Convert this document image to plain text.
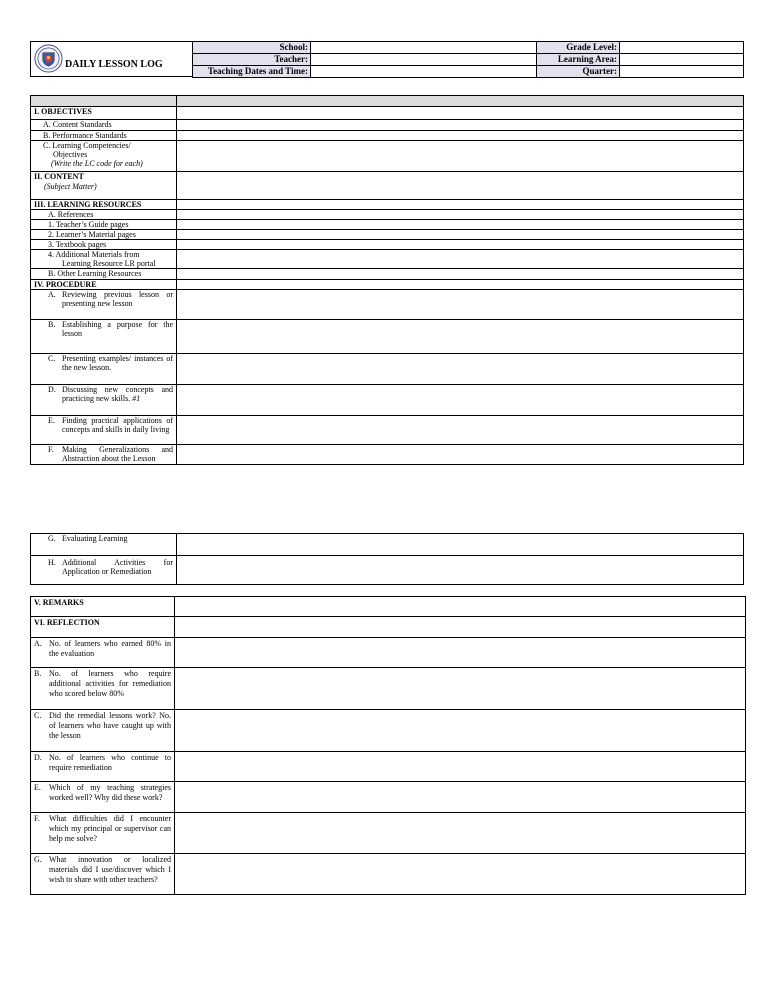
DAILY LESSON LOG
School:		Grade Level:	
Teacher:		Learning Area:	
Teaching Dates and Time:		Quarter:	

I. OBJECTIVES	
A. Content Standards	
B. Performance Standards	

C. Learning Competencies/
Objectives
(Write the LC code for each)	

II. CONTENT
(Subject Matter)	

III. LEARNING RESOURCES	
A. References	
1. Teacher’s Guide pages	
2. Learner’s Material pages	
3. Textbook pages	

4. Additional Materials from
Learning Resource LR portal	

B. Other Learning Resources	
IV. PROCEDURE	

A. Reviewing previous lesson or presenting new lesson	

B. Establishing a purpose for the lesson	

C. Presenting examples/ instances of the new lesson.	

D. Discussing new concepts and practicing new skills. #1	

E. Finding practical applications of concepts and skills in daily living	

F. Making Generalizations and Abstraction about the Lesson	

G. Evaluating Learning	

H. Additional Activities for Application or Remediation	

V. REMARKS	
VI. REFLECTION	

A. No. of learners who earned 80% in the evaluation	

B. No. of learners who require additional activities for remediation who scored below 80%	

C. Did the remedial lessons work? No. of learners who have caught up with the lesson	

D. No. of learners who continue to require remediation	

E. Which of my teaching strategies worked well? Why did these work?	

F. What difficulties did I encounter which my principal or supervisor can help me solve?	

G. What innovation or localized materials did I use/discover which I wish to share with other teachers?	
